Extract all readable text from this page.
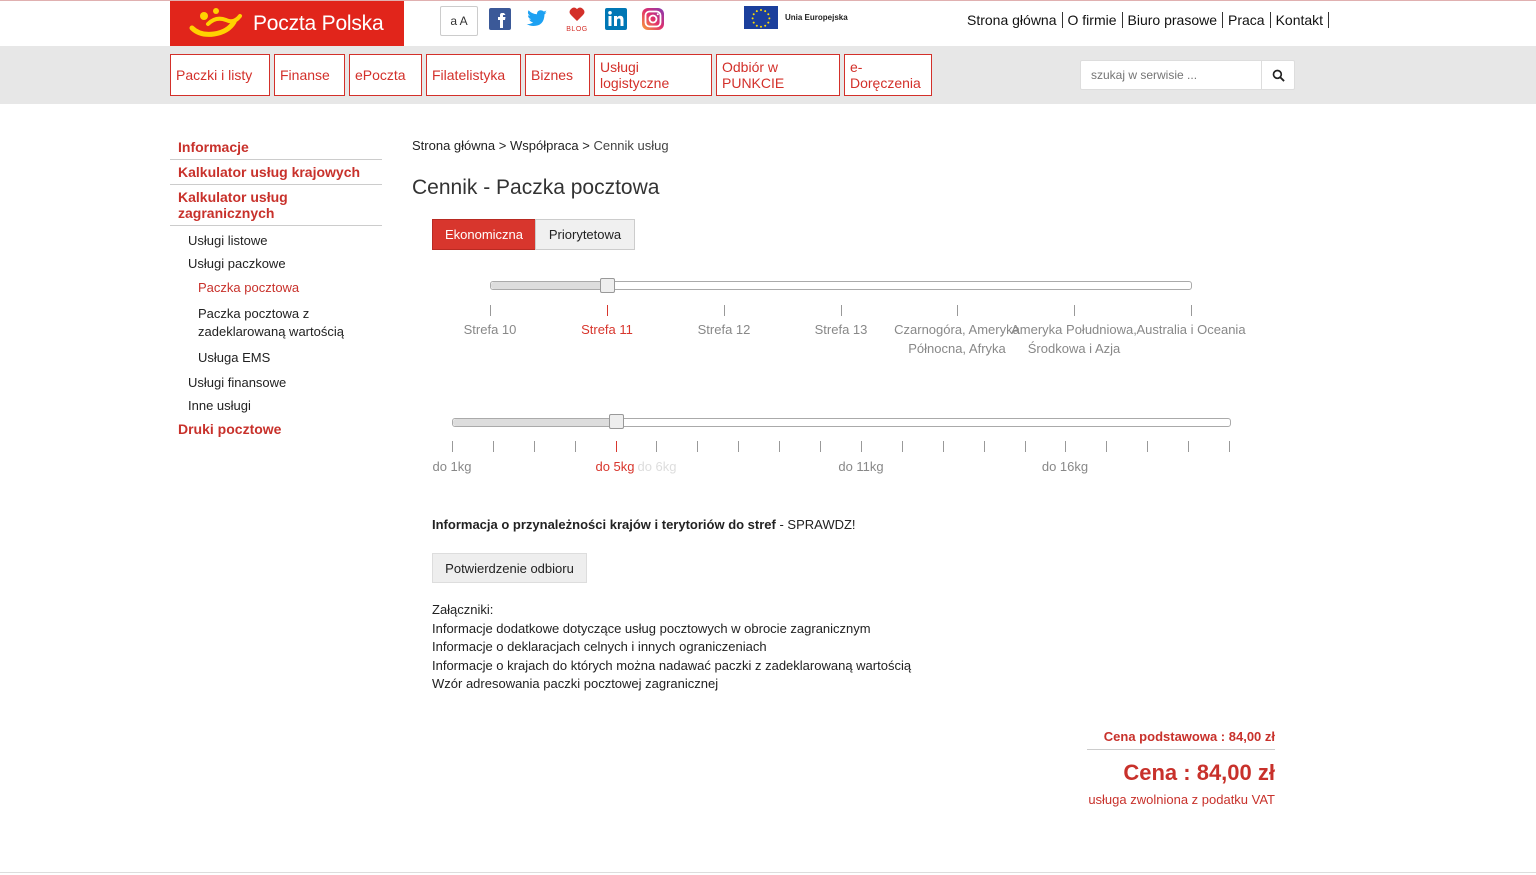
Poczta Polska	a A
BLOG
Unia Europejska	Strona główna O firmie Biuro prasowe Praca Kontakt
Paczki i listy	Finanse	ePoczta	Filatelistyka	Biznes	Usługi logistyczne
Odbiór w PUNKCIE
e-Doręczenia
szukaj w serwisie ...
Informacje
Kalkulator usług krajowych
Kalkulator usług zagranicznych
Usługi listowe
Usługi paczkowe
Paczka pocztowa
Paczka pocztowa z zadeklarowaną wartością
Usługa EMS
Usługi finansowe
Inne usługi
Druki pocztowe
Strona główna > Współpraca > Cennik usług
Cennik - Paczka pocztowa
Ekonomiczna	Priorytetowa
Strefa 10	Strefa 11	Strefa 12	Strefa 13	Czarnogóra, Ameryka Północna, Afryka
Ameryka Południowa, Środkowa i Azja
Australia i Oceania
do 1kg	do 5kg do 6kg	do 11kg	do 16kg
Informacja o przynależności krajów i terytoriów do stref - SPRAWDZ!
Potwierdzenie odbioru
Załączniki:
Informacje dodatkowe dotyczące usług pocztowych w obrocie zagranicznym
Informacje o deklaracjach celnych i innych ograniczeniach
Informacje o krajach do których można nadawać paczki z zadeklarowaną wartością
Wzór adresowania paczki pocztowej zagranicznej
Cena podstawowa : 84,00 zł
Cena : 84,00 zł
usługa zwolniona z podatku VAT
